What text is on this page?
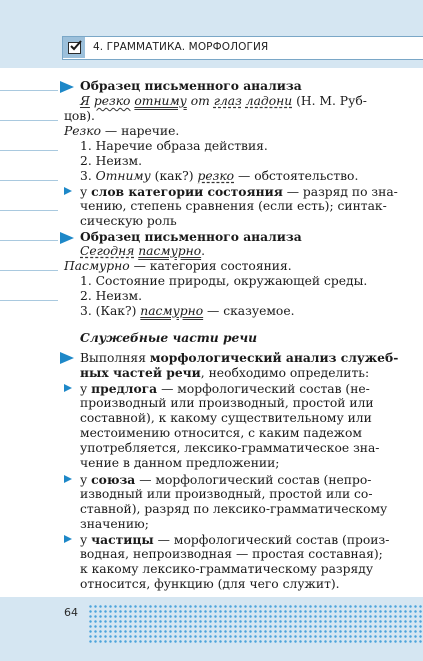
4. ГРАММАТИКА. МОРФОЛОГИЯ
Образец письменного анализа
Я резко отниму от глаз ладони (Н. М. Руб-
цов).
Резко — наречие.
1. Наречие образа действия.
2. Неизм.
3. Отниму (как?) резко — обстоятельство.
у слов категории состояния — разряд по зна-
чению, степень сравнения (если есть); синтак-
сическую роль
Образец письменного анализа
Сегодня пасмурно.
Пасмурно — категория состояния.
1. Состояние природы, окружающей среды.
2. Неизм.
3. (Как?) пасмурно — сказуемое.
Служебные части речи
Выполняя морфологический анализ служеб-
ных частей речи, необходимо определить:
у предлога — морфологический состав (не-
производный или производный, простой или
составной), к какому существительному или
местоимению относится, с каким падежом
употребляется, лексико-грамматическое зна-
чение в данном предложении;
у союза — морфологический состав (непро-
изводный или производный, простой или со-
ставной), разряд по лексико-грамматическому
значению;
у частицы — морфологический состав (произ-
водная, непроизводная — простая составная);
к какому лексико-грамматическому разряду
относится, функцию (для чего служит).
64
